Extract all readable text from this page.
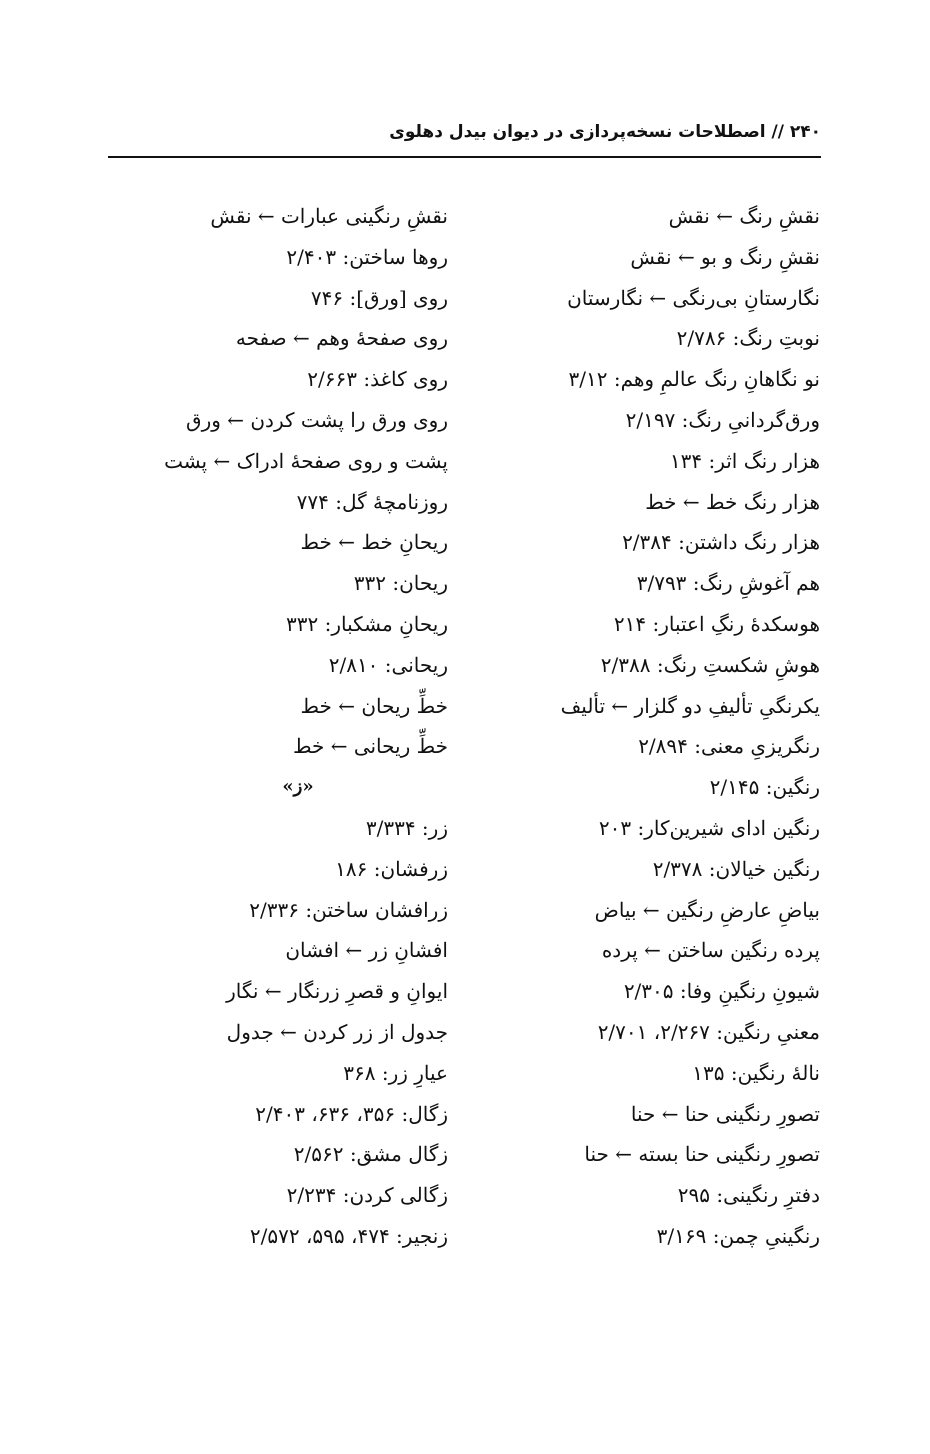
۲۴۰ // اصطلاحات نسخه‌پردازی در دیوان بیدل دهلوی
نقشِ رنگ ← نقش
نقشِ رنگ و بو ← نقش
نگارستانِ بی‌رنگی ← نگارستان
نوبتِ رنگ: ۲/۷۸۶
نو نگاهانِ رنگ عالمِ وهم: ۳/۱۲
ورق‌گردانیِ رنگ: ۲/۱۹۷
هزار رنگ اثر: ۱۳۴
هزار رنگ خط ← خط
هزار رنگ داشتن: ۲/۳۸۴
هم آغوشِ رنگ: ۳/۷۹۳
هوسکدهٔ رنگِ اعتبار: ۲۱۴
هوشِ شکستِ رنگ: ۲/۳۸۸
یکرنگیِ تألیفِ دو گلزار ← تألیف
رنگریزیِ معنی: ۲/۸۹۴
رنگین: ۲/۱۴۵
رنگین ادای شیرین‌کار: ۲۰۳
رنگین خیالان: ۲/۳۷۸
بیاضِ عارضِ رنگین ← بیاض
پرده رنگین ساختن ← پرده
شیونِ رنگینِ وفا: ۲/۳۰۵
معنیِ رنگین: ۲/۲۶۷، ۲/۷۰۱
نالهٔ رنگین: ۱۳۵
تصورِ رنگینی حنا ← حنا
تصورِ رنگینی حنا بسته ← حنا
دفترِ رنگینی: ۲۹۵
رنگینیِ چمن: ۳/۱۶۹
نقشِ رنگینی عبارات ← نقش
روها ساختن: ۲/۴۰۳
روی [ورق]: ۷۴۶
روی صفحهٔ وهم ← صفحه
روی کاغذ: ۲/۶۶۳
روی ورق را پشت کردن ← ورق
پشت و روی صفحهٔ ادراک ← پشت
روزنامچهٔ گل: ۷۷۴
ریحانِ خط ← خط
ریحان: ۳۳۲
ریحانِ مشکبار: ۳۳۲
ریحانی: ۲/۸۱۰
خطِّ ریحان ← خط
خطِّ ریحانی ← خط
«ز»
زر: ۳/۳۳۴
زرفشان: ۱۸۶
زرافشان ساختن: ۲/۳۳۶
افشانِ زر ← افشان
ایوانِ و قصرِ زرنگار ← نگار
جدول از زر کردن ← جدول
عیارِ زر: ۳۶۸
زگال: ۳۵۶، ۶۳۶، ۲/۴۰۳
زگال مشق: ۲/۵۶۲
زگالی کردن: ۲/۲۳۴
زنجیر: ۴۷۴، ۵۹۵، ۲/۵۷۲
